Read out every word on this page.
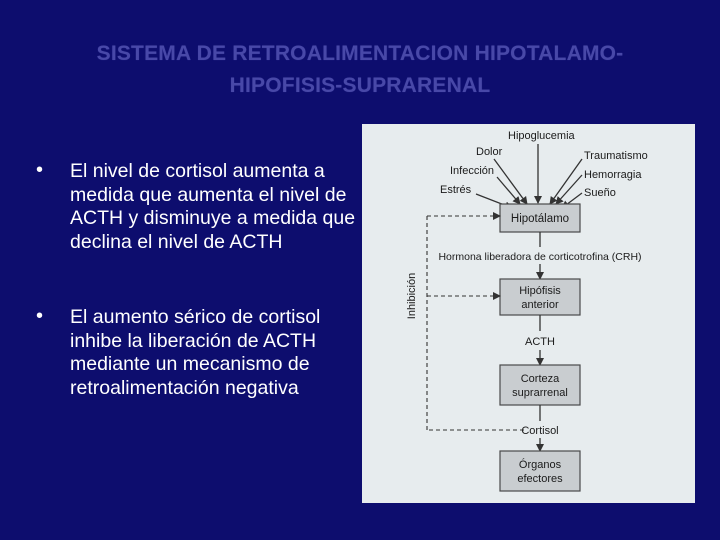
SISTEMA DE RETROALIMENTACION HIPOTALAMO-
HIPOFISIS-SUPRARENAL
• El nivel de cortisol aumenta a medida que aumenta el nivel de ACTH y disminuye a medida que declina el nivel de ACTH
• El aumento sérico de cortisol inhibe la liberación de ACTH mediante un mecanismo de retroalimentación negativa
Hipoglucemia
Dolor
Infección
Estrés
Traumatismo
Hemorragia
Sueño
Hipotálamo
Hormona liberadora de corticotrofina (CRH)
Hipófisis
anterior
ACTH
Corteza
suprarrenal
Cortisol
Órganos
efectores
Inhibición
